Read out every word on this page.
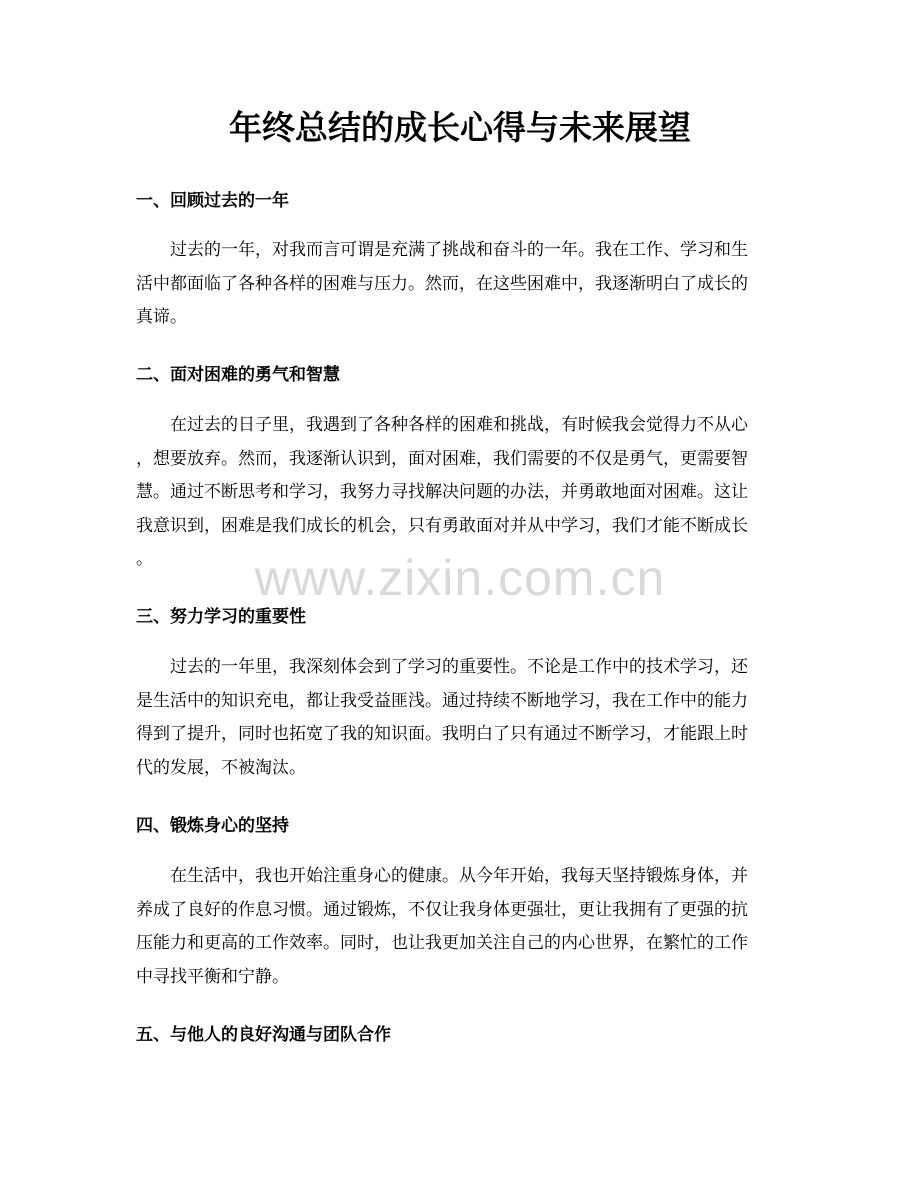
年终总结的成长心得与未来展望
一、回顾过去的一年
过去的一年，对我而言可谓是充满了挑战和奋斗的一年。我在工作、学习和生
活中都面临了各种各样的困难与压力。然而，在这些困难中，我逐渐明白了成长的
真谛。
二、面对困难的勇气和智慧
在过去的日子里，我遇到了各种各样的困难和挑战，有时候我会觉得力不从心
，想要放弃。然而，我逐渐认识到，面对困难，我们需要的不仅是勇气，更需要智
慧。通过不断思考和学习，我努力寻找解决问题的办法，并勇敢地面对困难。这让
我意识到，困难是我们成长的机会，只有勇敢面对并从中学习，我们才能不断成长
。
三、努力学习的重要性
过去的一年里，我深刻体会到了学习的重要性。不论是工作中的技术学习，还
是生活中的知识充电，都让我受益匪浅。通过持续不断地学习，我在工作中的能力
得到了提升，同时也拓宽了我的知识面。我明白了只有通过不断学习，才能跟上时
代的发展，不被淘汰。
四、锻炼身心的坚持
在生活中，我也开始注重身心的健康。从今年开始，我每天坚持锻炼身体，并
养成了良好的作息习惯。通过锻炼，不仅让我身体更强壮，更让我拥有了更强的抗
压能力和更高的工作效率。同时，也让我更加关注自己的内心世界，在繁忙的工作
中寻找平衡和宁静。
五、与他人的良好沟通与团队合作
www.zixin.com.cn
